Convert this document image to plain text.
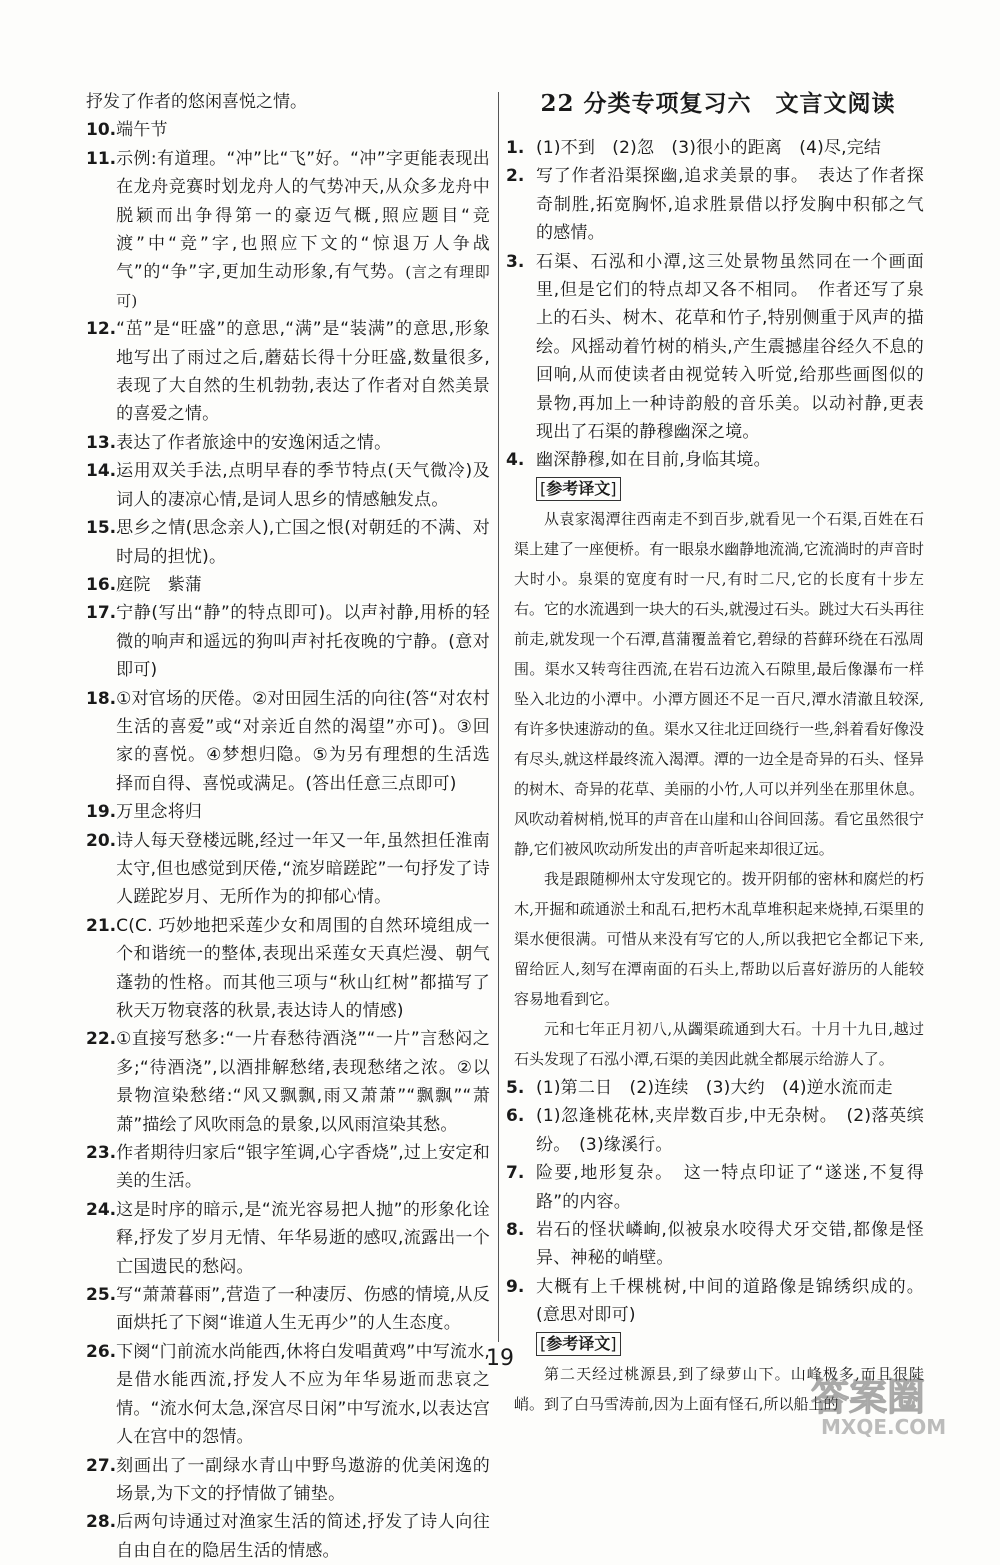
抒发了作者的悠闲喜悦之情。
10. 端午节
11. 示例:有道理。“冲”比“飞”好。“冲”字更能表现出在龙舟竞赛时划龙舟人的气势冲天,从众多龙舟中脱颖而出争得第一的豪迈气概,照应题目“竞渡”中“竞”字,也照应下文的“惊退万人争战气”的“争”字,更加生动形象,有气势。(言之有理即可)
12. “茁”是“旺盛”的意思,“满”是“装满”的意思,形象地写出了雨过之后,蘑菇长得十分旺盛,数量很多,表现了大自然的生机勃勃,表达了作者对自然美景的喜爱之情。
13. 表达了作者旅途中的安逸闲适之情。
14. 运用双关手法,点明早春的季节特点(天气微冷)及词人的凄凉心情,是词人思乡的情感触发点。
15. 思乡之情(思念亲人),亡国之恨(对朝廷的不满、对时局的担忧)。
16. 庭院　紫蒲
17. 宁静(写出“静”的特点即可)。以声衬静,用桥的轻微的响声和遥远的狗叫声衬托夜晚的宁静。(意对即可)
18. ①对官场的厌倦。②对田园生活的向往(答“对农村生活的喜爱”或“对亲近自然的渴望”亦可)。③回家的喜悦。④梦想归隐。⑤为另有理想的生活选择而自得、喜悦或满足。(答出任意三点即可)
19. 万里念将归
20. 诗人每天登楼远眺,经过一年又一年,虽然担任淮南太守,但也感觉到厌倦,“流岁暗蹉跎”一句抒发了诗人蹉跎岁月、无所作为的抑郁心情。
21. C(C. 巧妙地把采莲少女和周围的自然环境组成一个和谐统一的整体,表现出采莲女天真烂漫、朝气蓬勃的性格。而其他三项与“秋山红树”都描写了秋天万物衰落的秋景,表达诗人的情感)
22. ①直接写愁多:“一片春愁待酒浇”“一片”言愁闷之多;“待酒浇”,以酒排解愁绪,表现愁绪之浓。②以景物渲染愁绪:“风又飘飘,雨又萧萧”“飘飘”“萧萧”描绘了风吹雨急的景象,以风雨渲染其愁。
23. 作者期待归家后“银字笙调,心字香烧”,过上安定和美的生活。
24. 这是时序的暗示,是“流光容易把人抛”的形象化诠释,抒发了岁月无情、年华易逝的感叹,流露出一个亡国遗民的愁闷。
25. 写“萧萧暮雨”,营造了一种凄厉、伤感的情境,从反面烘托了下阕“谁道人生无再少”的人生态度。
26. 下阕“门前流水尚能西,休将白发唱黄鸡”中写流水,是借水能西流,抒发人不应为年华易逝而悲哀之情。“流水何太急,深宫尽日闲”中写流水,以表达宫人在宫中的怨情。
27. 刻画出了一副绿水青山中野鸟遨游的优美闲逸的场景,为下文的抒情做了铺垫。
28. 后两句诗通过对渔家生活的简述,抒发了诗人向往自由自在的隐居生活的情感。
22 分类专项复习六　文言文阅读
1. (1)不到　(2)忽　(3)很小的距离　(4)尽,完结
2. 写了作者沿渠探幽,追求美景的事。　表达了作者探奇制胜,拓宽胸怀,追求胜景借以抒发胸中积郁之气的感情。
3. 石渠、石泓和小潭,这三处景物虽然同在一个画面里,但是它们的特点却又各不相同。　作者还写了泉上的石头、树木、花草和竹子,特别侧重于风声的描绘。风摇动着竹树的梢头,产生震撼崖谷经久不息的回响,从而使读者由视觉转入听觉,给那些画图似的景物,再加上一种诗韵般的音乐美。以动衬静,更表现出了石渠的静穆幽深之境。
4. 幽深静穆,如在目前,身临其境。
[参考译文]

从袁家渴潭往西南走不到百步,就看见一个石渠,百姓在石渠上建了一座便桥。有一眼泉水幽静地流淌,它流淌时的声音时大时小。泉渠的宽度有时一尺,有时二尺,它的长度有十步左右。它的水流遇到一块大的石头,就漫过石头。跳过大石头再往前走,就发现一个石潭,菖蒲覆盖着它,碧绿的苔藓环绕在石泓周围。渠水又转弯往西流,在岩石边流入石隙里,最后像瀑布一样坠入北边的小潭中。小潭方圆还不足一百尺,潭水清澈且较深,有许多快速游动的鱼。渠水又往北迂回绕行一些,斜着看好像没有尽头,就这样最终流入渴潭。潭的一边全是奇异的石头、怪异的树木、奇异的花草、美丽的小竹,人可以并列坐在那里休息。风吹动着树梢,悦耳的声音在山崖和山谷间回荡。看它虽然很宁静,它们被风吹动所发出的声音听起来却很辽远。

我是跟随柳州太守发现它的。拨开阴郁的密林和腐烂的朽木,开掘和疏通淤土和乱石,把朽木乱草堆积起来烧掉,石渠里的渠水便很满。可惜从来没有写它的人,所以我把它全都记下来,留给匠人,刻写在潭南面的石头上,帮助以后喜好游历的人能较容易地看到它。

元和七年正月初八,从蠲渠疏通到大石。十月十九日,越过石头发现了石泓小潭,石渠的美因此就全都展示给游人了。

5. (1)第二日　(2)连续　(3)大约　(4)逆水流而走
6. (1)忽逢桃花林,夹岸数百步,中无杂树。　(2)落英缤纷。　(3)缘溪行。
7. 险要,地形复杂。　这一特点印证了“遂迷,不复得路”的内容。
8. 岩石的怪状嶙峋,似被泉水咬得犬牙交错,都像是怪异、神秘的峭壁。
9. 大概有上千棵桃树,中间的道路像是锦绣织成的。(意思对即可)
[参考译文]

第二天经过桃源县,到了绿萝山下。山峰极多,而且很陡峭。到了白马雪涛前,因为上面有怪石,所以船上的

19
答案圈
MXQE.COM
